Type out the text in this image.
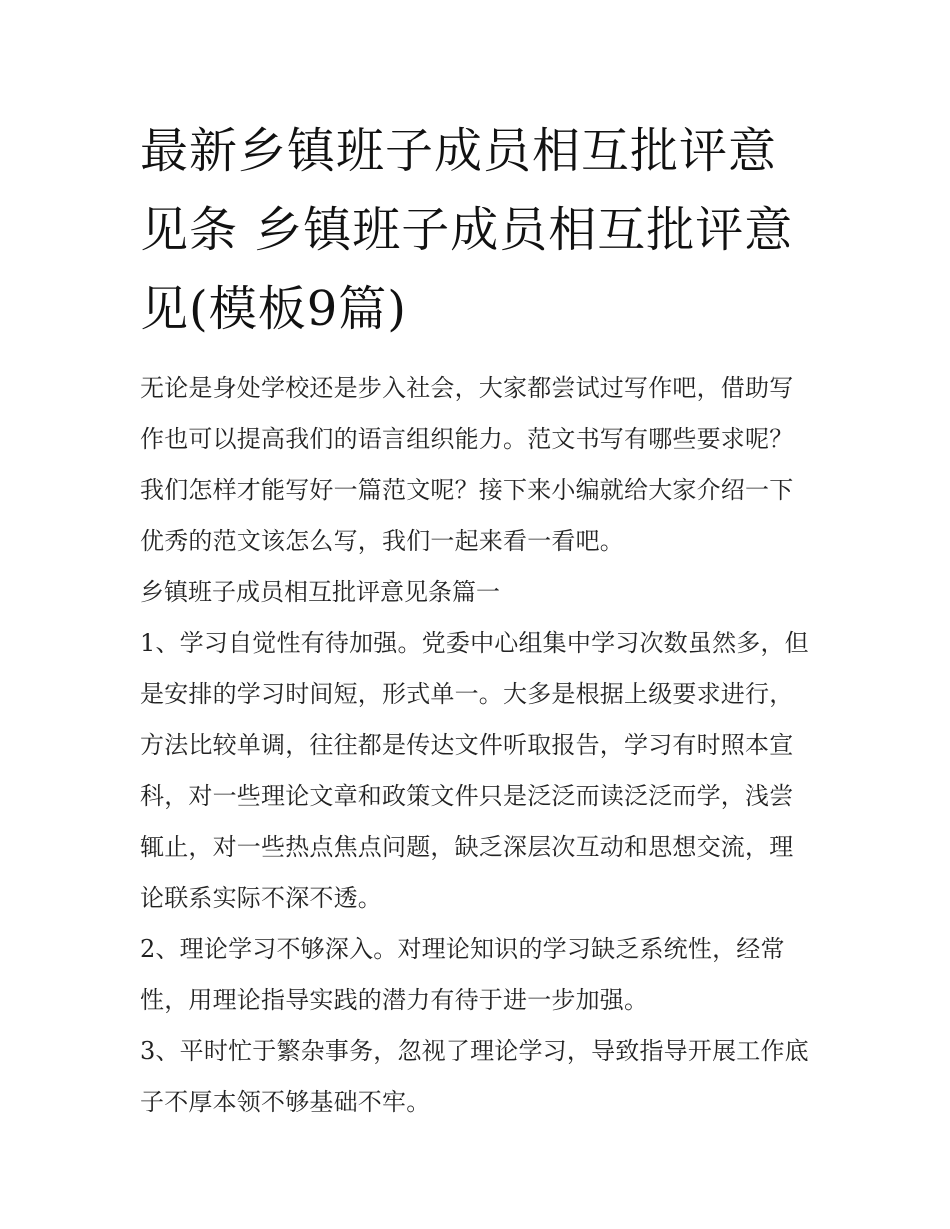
最新乡镇班子成员相互批评意见条 乡镇班子成员相互批评意见(模板9篇)

无论是身处学校还是步入社会，大家都尝试过写作吧，借助写作也可以提高我们的语言组织能力。范文书写有哪些要求呢？我们怎样才能写好一篇范文呢？接下来小编就给大家介绍一下优秀的范文该怎么写，我们一起来看一看吧。

乡镇班子成员相互批评意见条篇一

1、学习自觉性有待加强。党委中心组集中学习次数虽然多，但是安排的学习时间短，形式单一。大多是根据上级要求进行，方法比较单调，往往都是传达文件听取报告，学习有时照本宣科，对一些理论文章和政策文件只是泛泛而读泛泛而学，浅尝辄止，对一些热点焦点问题，缺乏深层次互动和思想交流，理论联系实际不深不透。

2、理论学习不够深入。对理论知识的学习缺乏系统性，经常性，用理论指导实践的潜力有待于进一步加强。

3、平时忙于繁杂事务，忽视了理论学习，导致指导开展工作底子不厚本领不够基础不牢。
